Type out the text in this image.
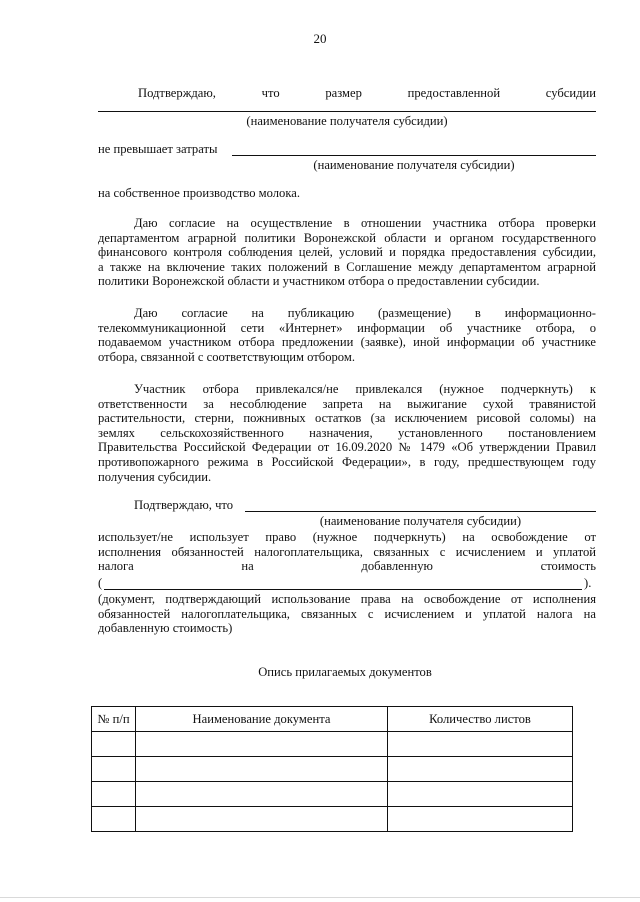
20
Подтверждаю,	что	размер	предоставленной	субсидии
(наименование получателя субсидии)
не превышает затраты
(наименование получателя субсидии)
на собственное производство молока.
Даю согласие на осуществление в отношении участника отбора проверки
департаментом аграрной политики Воронежской области и органом государственного
финансового контроля соблюдения целей, условий и порядка предоставления субсидии,
а также на включение таких положений в Соглашение между департаментом аграрной
политики Воронежской области и участником отбора о предоставлении субсидии.
Даю согласие на публикацию (размещение) в информационно-
телекоммуникационной сети «Интернет» информации об участнике отбора, о
подаваемом участником отбора предложении (заявке), иной информации об участнике
отбора, связанной с соответствующим отбором.
Участник отбора привлекался/не привлекался (нужное подчеркнуть) к
ответственности за несоблюдение запрета на выжигание сухой травянистой
растительности, стерни, пожнивных остатков (за исключением рисовой соломы) на
землях сельскохозяйственного назначения, установленного постановлением
Правительства Российской Федерации от 16.09.2020 № 1479 «Об утверждении Правил
противопожарного режима в Российской Федерации», в году, предшествующем году
получения субсидии.
Подтверждаю, что
(наименование получателя субсидии)
использует/не использует право (нужное подчеркнуть) на освобождение от
исполнения обязанностей налогоплательщика, связанных с исчислением и уплатой
налога на добавленную стоимость
(	).
(документ, подтверждающий использование права на освобождение от исполнения
обязанностей налогоплательщика, связанных с исчислением и уплатой налога на
добавленную стоимость)
Опись прилагаемых документов
№ п/п	Наименование документа	Количество листов
